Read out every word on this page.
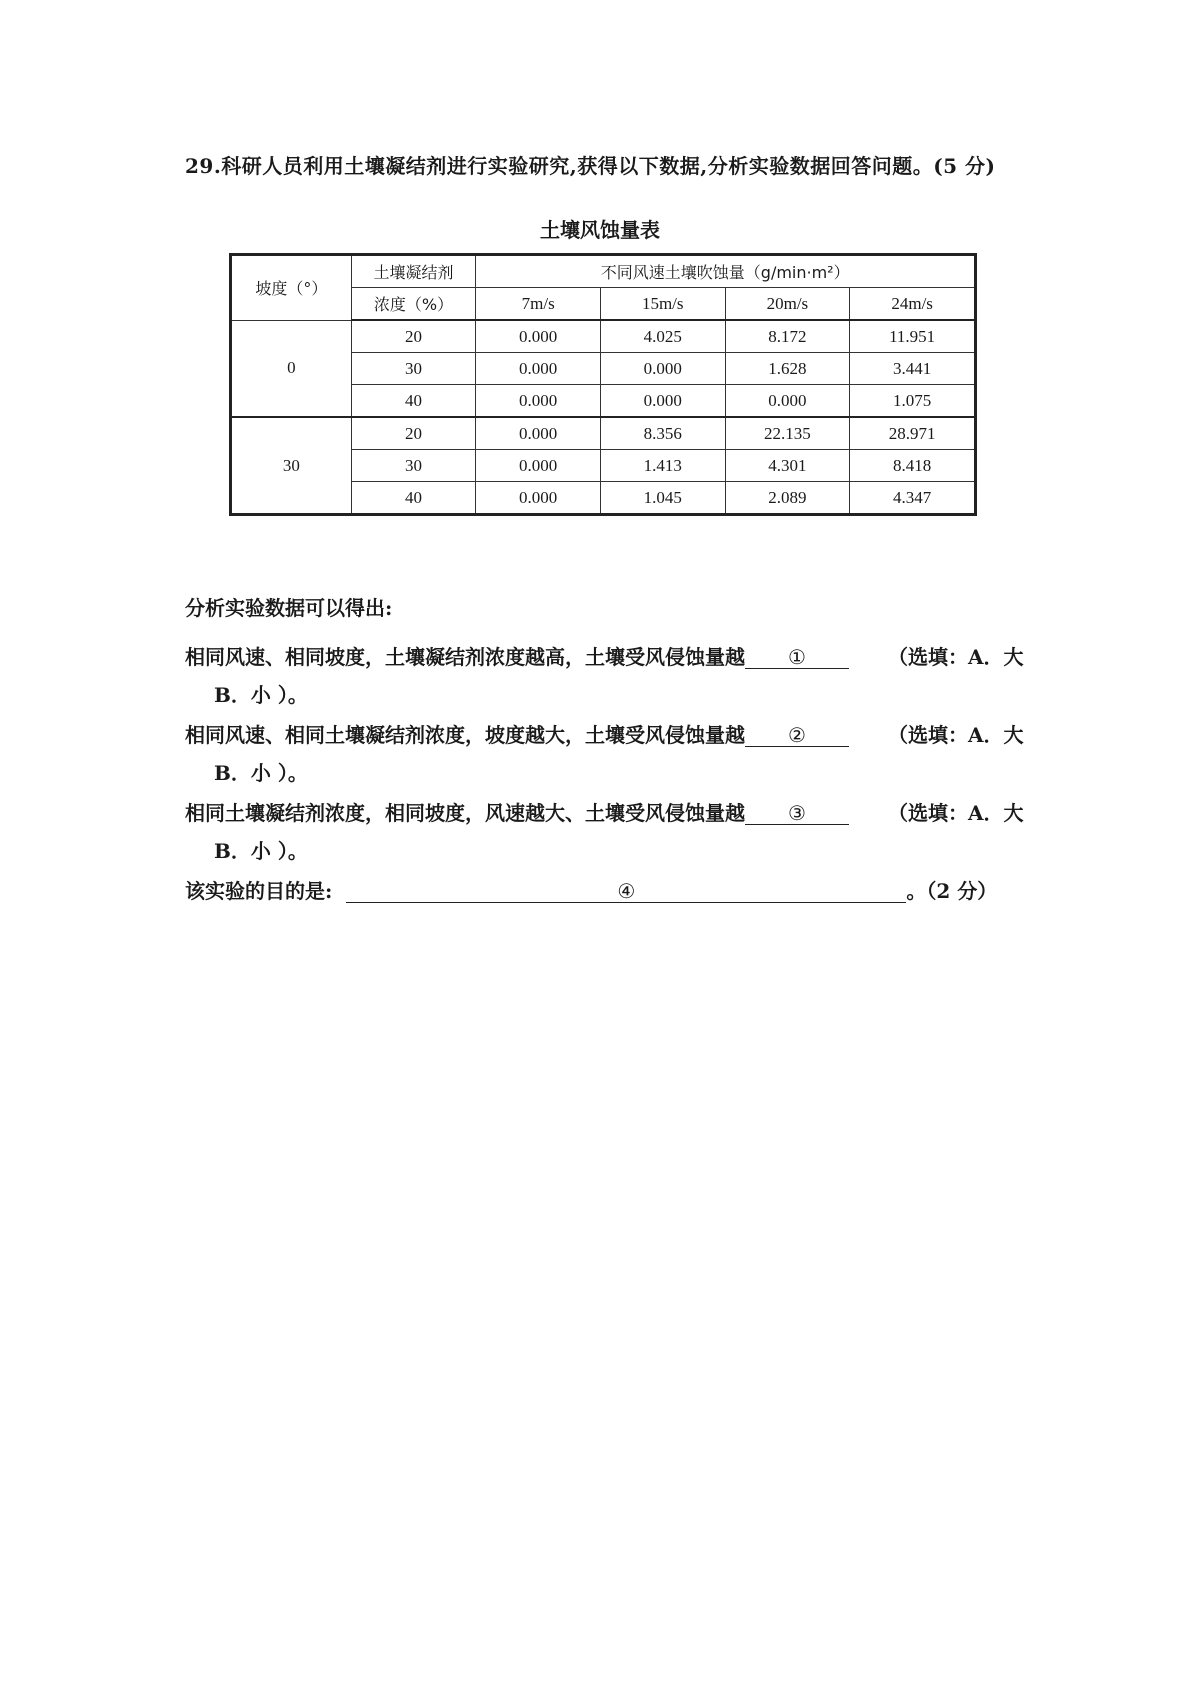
29.科研人员利用土壤凝结剂进行实验研究,获得以下数据,分析实验数据回答问题。(5 分)
土壤风蚀量表
坡度（°）	土壤凝结剂	不同风速土壤吹蚀量（g/min·m²）			
	浓度（%）	7m/s	15m/s	20m/s	24m/s
0	20	0.000	4.025	8.172	11.951
	30	0.000	0.000	1.628	3.441
	40	0.000	0.000	0.000	1.075
30	20	0.000	8.356	22.135	28.971
	30	0.000	1.413	4.301	8.418
	40	0.000	1.045	2.089	4.347
分析实验数据可以得出:
相同风速、相同坡度，土壤凝结剂浓度越高，土壤受风侵蚀量越 ①	（选填：A．大
B．小 ）。
相同风速、相同土壤凝结剂浓度，坡度越大，土壤受风侵蚀量越 ②	（选填：A．大
B．小 ）。
相同土壤凝结剂浓度，相同坡度，风速越大、土壤受风侵蚀量越 ③	（选填：A．大
B．小 ）。
该实验的目的是:	④	。（2 分）
